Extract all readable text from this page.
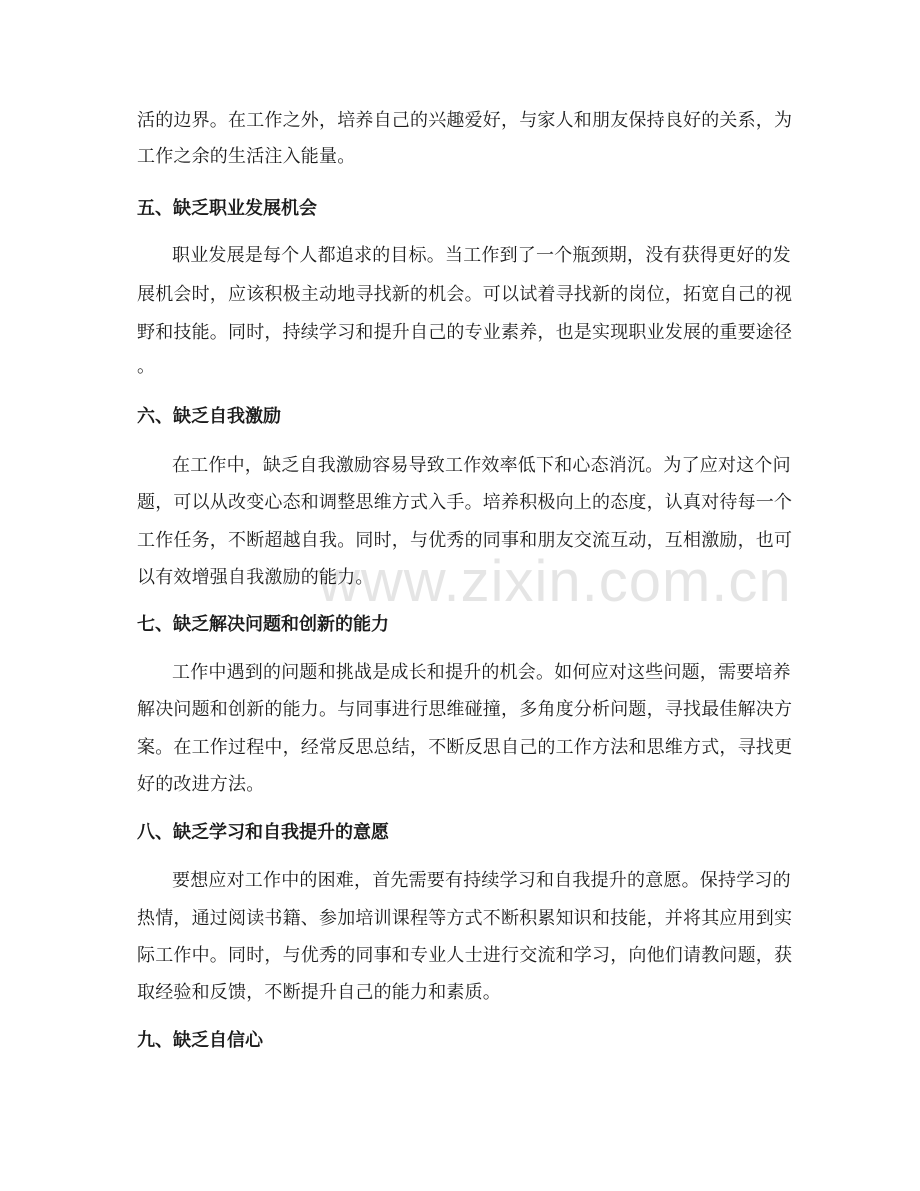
活的边界。在工作之外，培养自己的兴趣爱好，与家人和朋友保持良好的关系，为
工作之余的生活注入能量。
五、缺乏职业发展机会
职业发展是每个人都追求的目标。当工作到了一个瓶颈期，没有获得更好的发
展机会时，应该积极主动地寻找新的机会。可以试着寻找新的岗位，拓宽自己的视
野和技能。同时，持续学习和提升自己的专业素养，也是实现职业发展的重要途径
。
六、缺乏自我激励
在工作中，缺乏自我激励容易导致工作效率低下和心态消沉。为了应对这个问
题，可以从改变心态和调整思维方式入手。培养积极向上的态度，认真对待每一个
工作任务，不断超越自我。同时，与优秀的同事和朋友交流互动，互相激励，也可
以有效增强自我激励的能力。
七、缺乏解决问题和创新的能力
工作中遇到的问题和挑战是成长和提升的机会。如何应对这些问题，需要培养
解决问题和创新的能力。与同事进行思维碰撞，多角度分析问题，寻找最佳解决方
案。在工作过程中，经常反思总结，不断反思自己的工作方法和思维方式，寻找更
好的改进方法。
八、缺乏学习和自我提升的意愿
要想应对工作中的困难，首先需要有持续学习和自我提升的意愿。保持学习的
热情，通过阅读书籍、参加培训课程等方式不断积累知识和技能，并将其应用到实
际工作中。同时，与优秀的同事和专业人士进行交流和学习，向他们请教问题，获
取经验和反馈，不断提升自己的能力和素质。
九、缺乏自信心
www.zixin.com.cn
